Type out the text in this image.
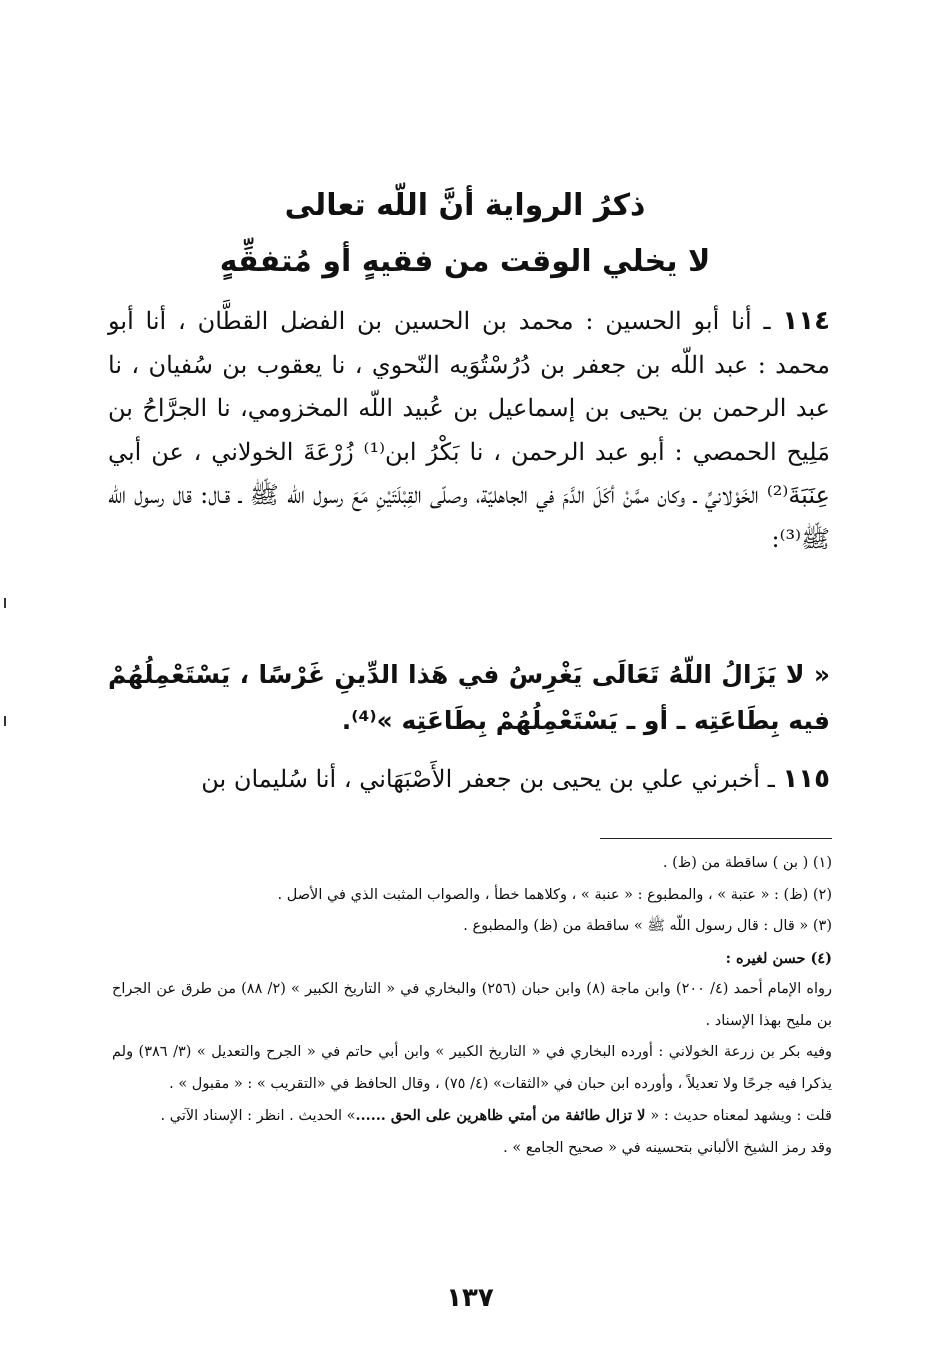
ذكرُ الرواية أنَّ اللّه تعالى
لا يخلي الوقت من فقيهٍ أو مُتفقِّهٍ

١١٤ ـ أنا أبو الحسين : محمد بن الحسين بن الفضل القطَّان ، أنا أبو محمد : عبد اللّه بن جعفر بن دُرُسْتُوَيه النّحوي ، نا يعقوب بن سُفيان ، نا عبد الرحمن بن يحيى بن إسماعيل بن عُبيد اللّه المخزومي، نا الجرَّاحُ بن مَلِيح الحمصي : أبو عبد الرحمن ، نا بَكْرُ ابن⁽¹⁾ زُرْعَةَ الخولاني ، عن أبي عِنَبَةَ⁽²⁾ الخَوْلانيِّ ـ وكان ممَّنْ أكَلَ الدَّمَ في الجاهليّة، وصلّى القِبْلَتَيْنِ مَعَ رسول اللّه ﷺ ـ قـال: قال رسول اللّه ﷺ⁽³⁾:

« لا يَزَالُ اللّهُ تَعَالَى يَغْرِسُ في هَذا الدِّينِ غَرْسًا ، يَسْتَعْمِلُهُمْ فيه بِطَاعَتِه ـ أو ـ يَسْتَعْمِلُهُمْ بِطَاعَتِه »⁽⁴⁾.
١١٥ ـ أخبرني علي بن يحيى بن جعفر الأَصْبَهَاني ، أنا سُليمان بن

(١) ( بن ) ساقطة من (ظ) .

(٢) (ظ) : « عتبة » ، والمطبوع : « عنبة » ، وكلاهما خطأ ، والصواب المثبت الذي في الأصل .

(٣) « قال : قال رسول اللّه ﷺ » ساقطة من (ظ) والمطبوع .

(٤) حسن لغيره :

رواه الإمام أحمد (٤/ ٢٠٠) وابن ماجة (٨) وابن حبان (٢٥٦) والبخاري في « التاريخ الكبير » (٢/ ٨٨) من طرق عن الجراح بن مليح بهذا الإسناد .

وفيه بكر بن زرعة الخولاني : أورده البخاري في « التاريخ الكبير » وابن أبي حاتم في « الجرح والتعديل » (٣/ ٣٨٦) ولم يذكرا فيه جرحًا ولا تعديلاً ، وأورده ابن حبان في «الثقات» (٤/ ٧٥) ، وقال الحافظ في «التقريب » : « مقبول » .

قلت : ويشهد لمعناه حديث : « لا تزال طائفة من أمتي ظاهرين على الحق ......» الحديث . انظر : الإسناد الآتي .

وقد رمز الشيخ الألباني بتحسينه في « صحيح الجامع » .

١٣٧
